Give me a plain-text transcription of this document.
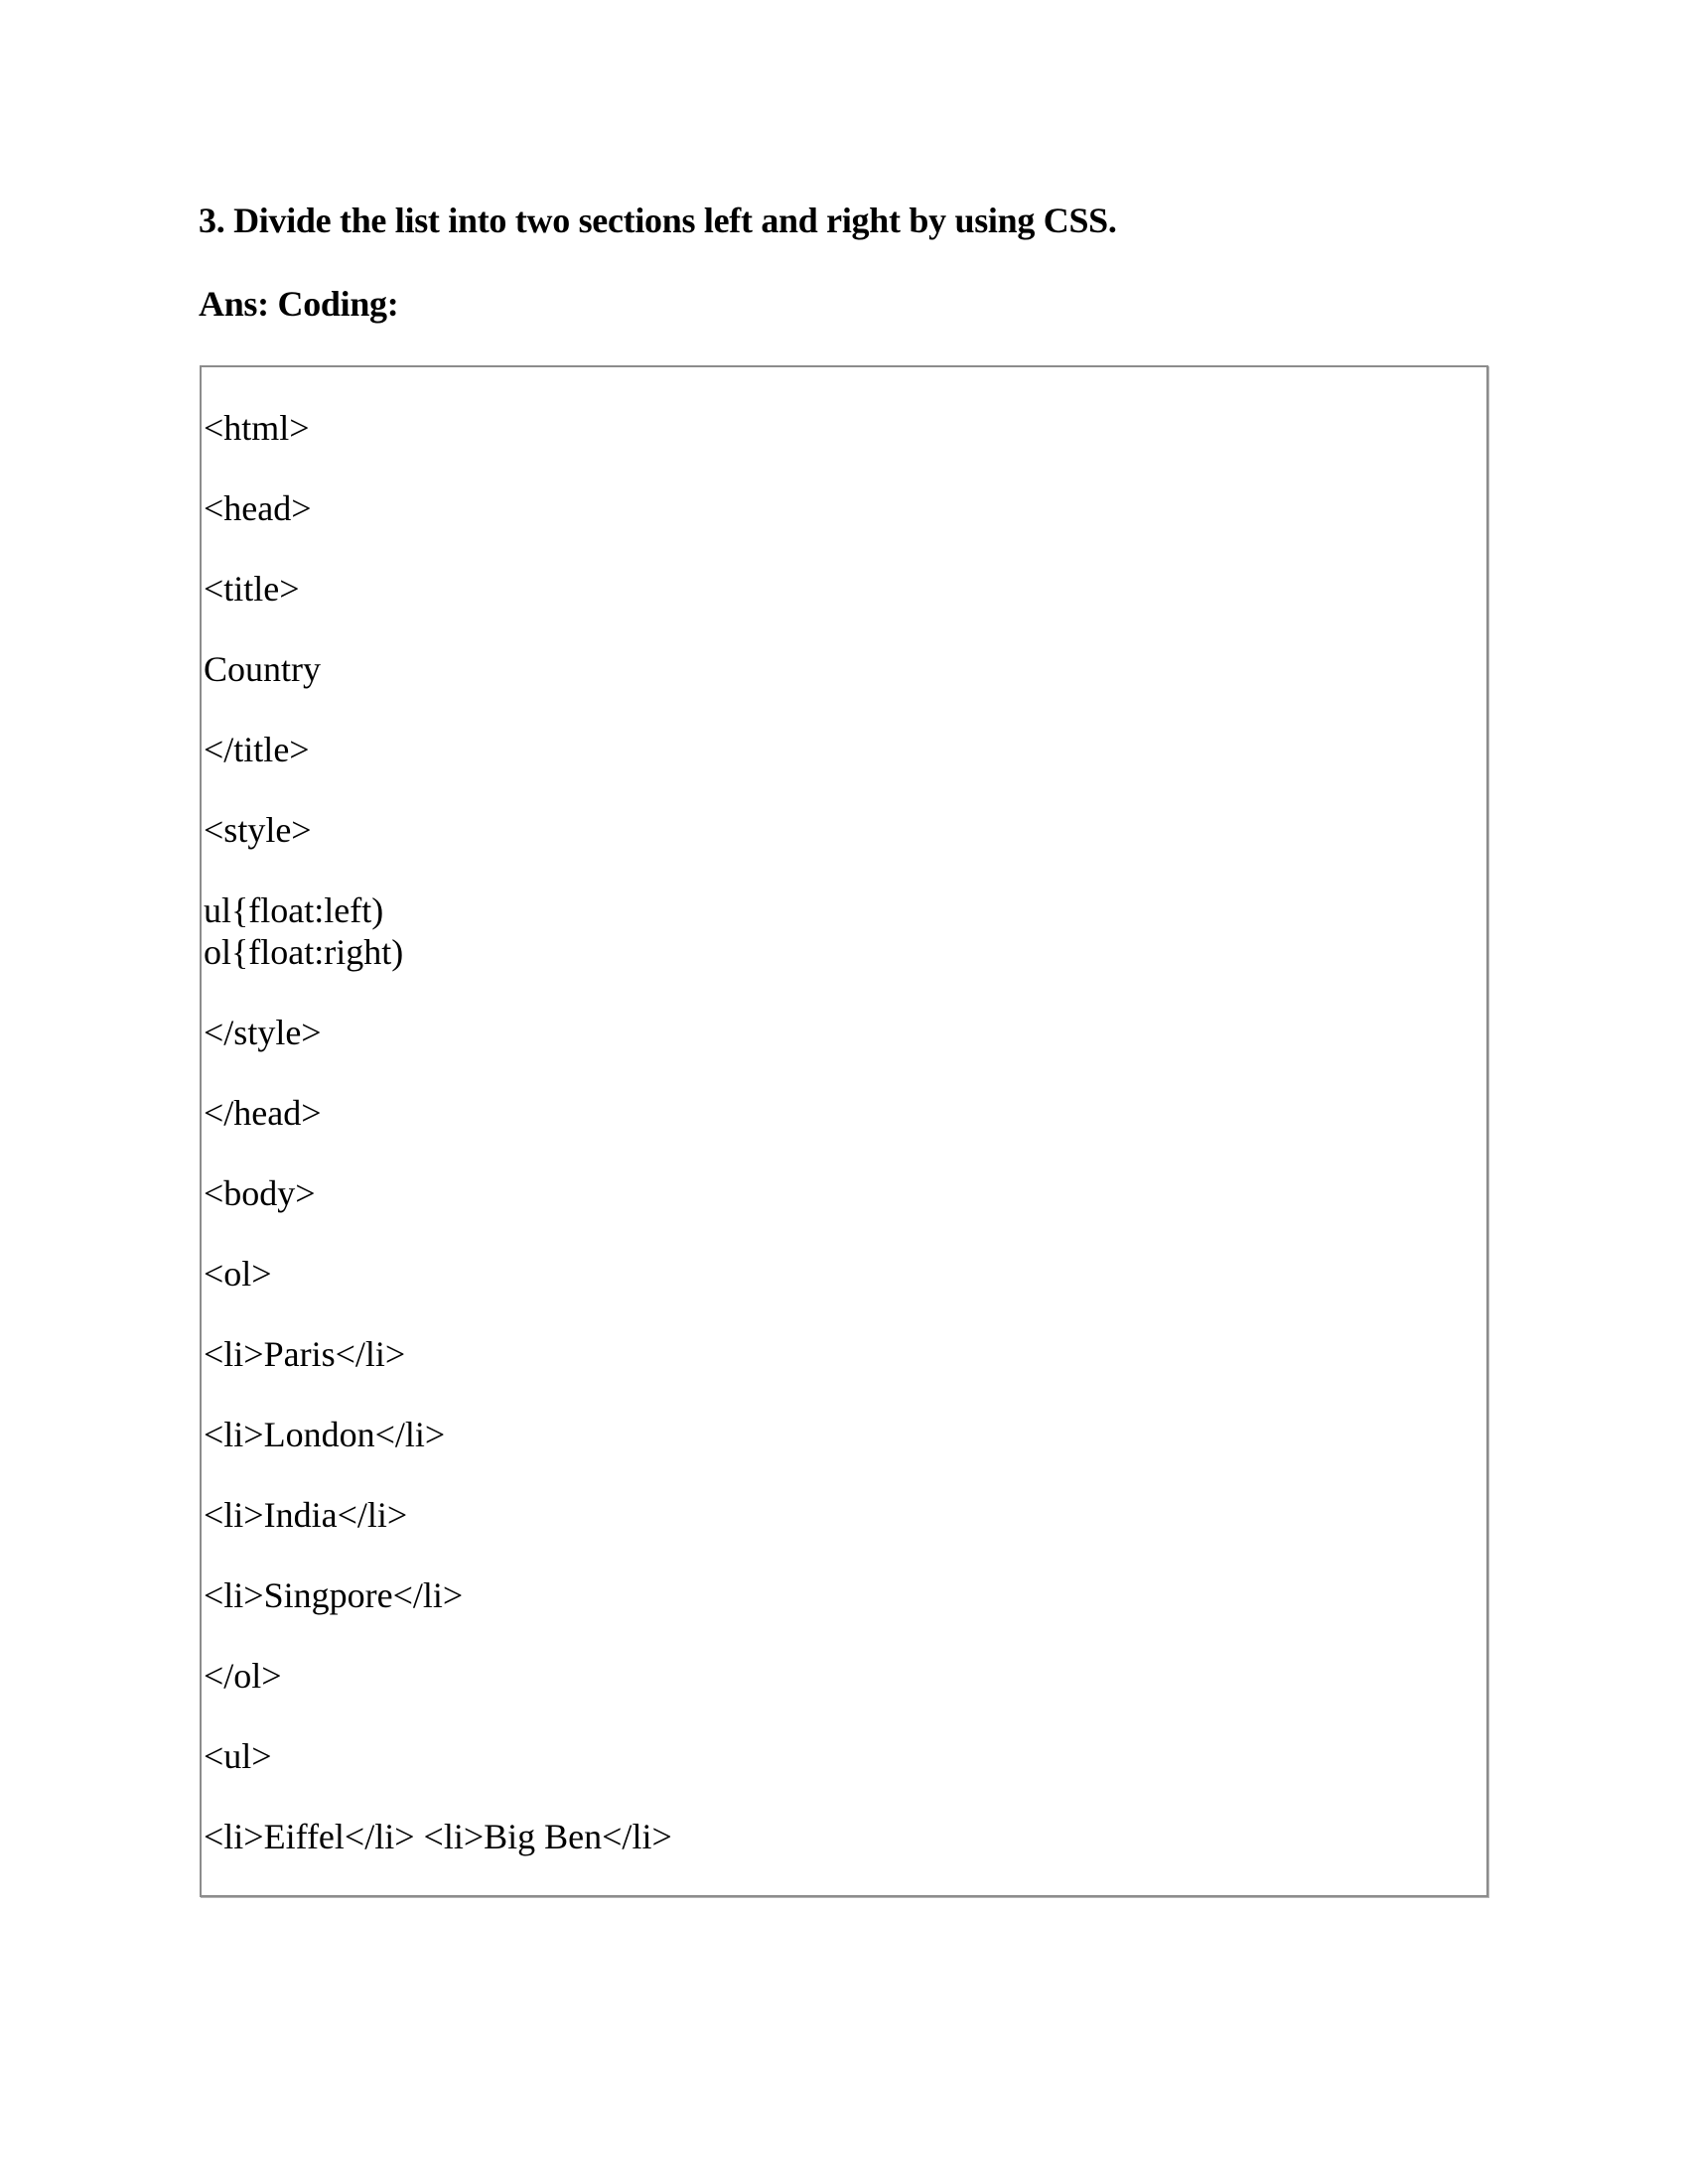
3. Divide the list into two sections left and right by using CSS.
Ans: Coding:
<html>
<head>
<title>
Country
</title>
<style>
ul{float:left)
ol{float:right)
</style>
</head>
<body>
<ol>
<li>Paris</li>
<li>London</li>
<li>India</li>
<li>Singpore</li>
</ol>
<ul>
<li>Eiffel</li> <li>Big Ben</li>
